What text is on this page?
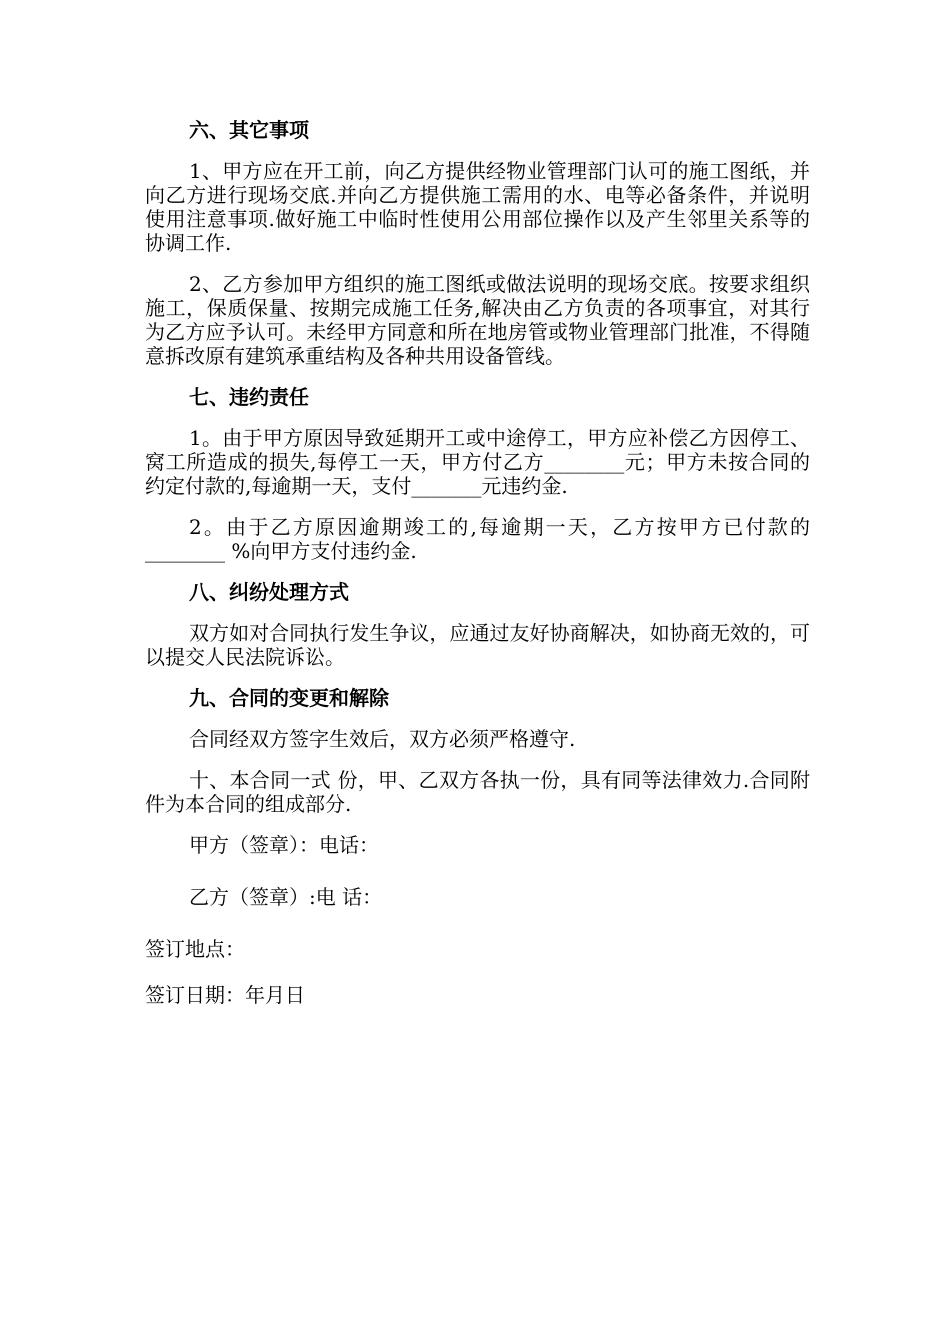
六、其它事项

1、甲方应在开工前，向乙方提供经物业管理部门认可的施工图纸，并向乙方进行现场交底.并向乙方提供施工需用的水、电等必备条件，并说明使用注意事项.做好施工中临时性使用公用部位操作以及产生邻里关系等的协调工作.

2、乙方参加甲方组织的施工图纸或做法说明的现场交底。按要求组织施工，保质保量、按期完成施工任务,解决由乙方负责的各项事宜，对其行为乙方应予认可。未经甲方同意和所在地房管或物业管理部门批准，不得随意拆改原有建筑承重结构及各种共用设备管线。

七、违约责任

1。由于甲方原因导致延期开工或中途停工，甲方应补偿乙方因停工、窝工所造成的损失,每停工一天，甲方付乙方________元；甲方未按合同的约定付款的,每逾期一天，支付_______元违约金.

2。由于乙方原因逾期竣工的,每逾期一天，乙方按甲方已付款的________ %向甲方支付违约金.

八、纠纷处理方式

双方如对合同执行发生争议，应通过友好协商解决，如协商无效的，可以提交人民法院诉讼。

九、合同的变更和解除

合同经双方签字生效后，双方必须严格遵守.

十、本合同一式 份，甲、乙双方各执一份，具有同等法律效力.合同附件为本合同的组成部分.

甲方（签章）：电话：

乙方（签章）:电 话：

签订地点：

签订日期：年月日
